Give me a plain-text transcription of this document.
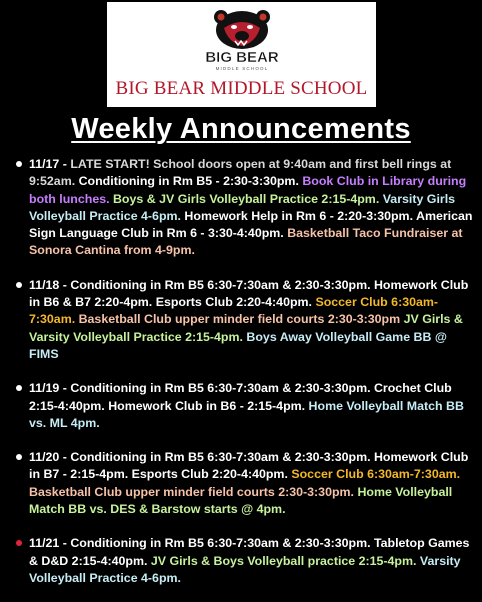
BIG BEAR
MIDDLE SCHOOL
BIG BEAR MIDDLE SCHOOL
Weekly Announcements
11/17 - LATE START! School doors open at 9:40am and first bell rings at 9:52am. Conditioning in Rm B5 - 2:30-3:30pm. Book Club in Library during both lunches. Boys & JV Girls Volleyball Practice 2:15-4pm. Varsity Girls Volleyball Practice 4-6pm. Homework Help in Rm 6 - 2:20-3:30pm. American Sign Language Club in Rm 6 - 3:30-4:40pm. Basketball Taco Fundraiser at Sonora Cantina from 4-9pm.
11/18 - Conditioning in Rm B5 6:30-7:30am & 2:30-3:30pm. Homework Club in B6 & B7 2:20-4pm. Esports Club 2:20-4:40pm. Soccer Club 6:30am-7:30am. Basketball Club upper minder field courts 2:30-3:30pm JV Girls & Varsity Volleyball Practice 2:15-4pm. Boys Away Volleyball Game BB @ FIMS
11/19 - Conditioning in Rm B5 6:30-7:30am & 2:30-3:30pm. Crochet Club 2:15-4:40pm. Homework Club in B6 - 2:15-4pm. Home Volleyball Match BB vs. ML 4pm.
11/20 - Conditioning in Rm B5 6:30-7:30am & 2:30-3:30pm. Homework Club in B7 - 2:15-4pm. Esports Club 2:20-4:40pm. Soccer Club 6:30am-7:30am. Basketball Club upper minder field courts 2:30-3:30pm. Home Volleyball Match BB vs. DES & Barstow starts @ 4pm.
11/21 - Conditioning in Rm B5 6:30-7:30am & 2:30-3:30pm. Tabletop Games & D&D 2:15-4:40pm. JV Girls & Boys Volleyball practice 2:15-4pm. Varsity Volleyball Practice 4-6pm.
